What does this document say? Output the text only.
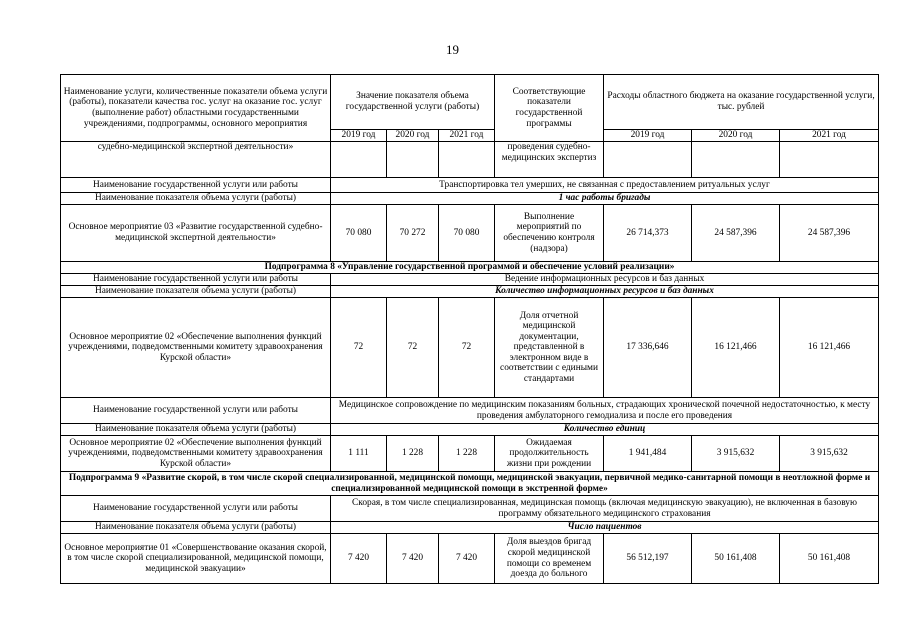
19
Наименование услуги, количественные показатели объема услуги (работы), показатели качества гос. услуг на оказание гос. услуг (выполнение работ) областными государственными учреждениями, подпрограммы, основного мероприятия	Значение показателя объема государственной услуги (работы)			Соответствующие показатели государственной программы	Расходы областного бюджета на оказание государственной услуги, тыс. рублей		
	2019 год	2020 год	2021 год		2019 год	2020 год	2021 год
судебно-медицинской экспертной деятельности»				проведения судебно-медицинских экспертиз			
Наименование государственной услуги или работы	Транспортировка тел умерших, не связанная с предоставлением ритуальных услуг						
Наименование показателя объема услуги (работы)	1 час работы бригады						
Основное мероприятие 03 «Развитие государственной судебно-медицинской экспертной деятельности»	70 080	70 272	70 080	Выполнение мероприятий по обеспечению контроля (надзора)	26 714,373	24 587,396	24 587,396
Подпрограмма 8 «Управление государственной программой и обеспечение условий реализации»							
Наименование государственной услуги или работы	Ведение информационных ресурсов и баз данных						
Наименование показателя объема услуги (работы)	Количество информационных ресурсов и баз данных						
Основное мероприятие 02 «Обеспечение выполнения функций учреждениями, подведомственными комитету здравоохранения Курской области»	72	72	72	Доля отчетной медицинской документации, представленной в электронном виде в соответствии с едиными стандартами	17 336,646	16 121,466	16 121,466
Наименование государственной услуги или работы	Медицинское сопровождение по медицинским показаниям больных, страдающих хронической почечной недостаточностью, к месту проведения амбулаторного гемодиализа и после его проведения						
Наименование показателя объема услуги (работы)	Количество единиц						
Основное мероприятие 02 «Обеспечение выполнения функций учреждениями, подведомственными комитету здравоохранения Курской области»	1 111	1 228	1 228	Ожидаемая продолжительность жизни при рождении	1 941,484	3 915,632	3 915,632
Подпрограмма 9 «Развитие скорой, в том числе скорой специализированной, медицинской помощи, медицинской эвакуации, первичной медико-санитарной помощи в неотложной форме и специализированной медицинской помощи в экстренной форме»							
Наименование государственной услуги или работы	Скорая, в том числе специализированная, медицинская помощь (включая медицинскую эвакуацию), не включенная в базовую программу обязательного медицинского страхования						
Наименование показателя объема услуги (работы)	Число пациентов						
Основное мероприятие 01 «Совершенствование оказания скорой, в том числе скорой специализированной, медицинской помощи, медицинской эвакуации»	7 420	7 420	7 420	Доля выездов бригад скорой медицинской помощи со временем доезда до больного	56 512,197	50 161,408	50 161,408
